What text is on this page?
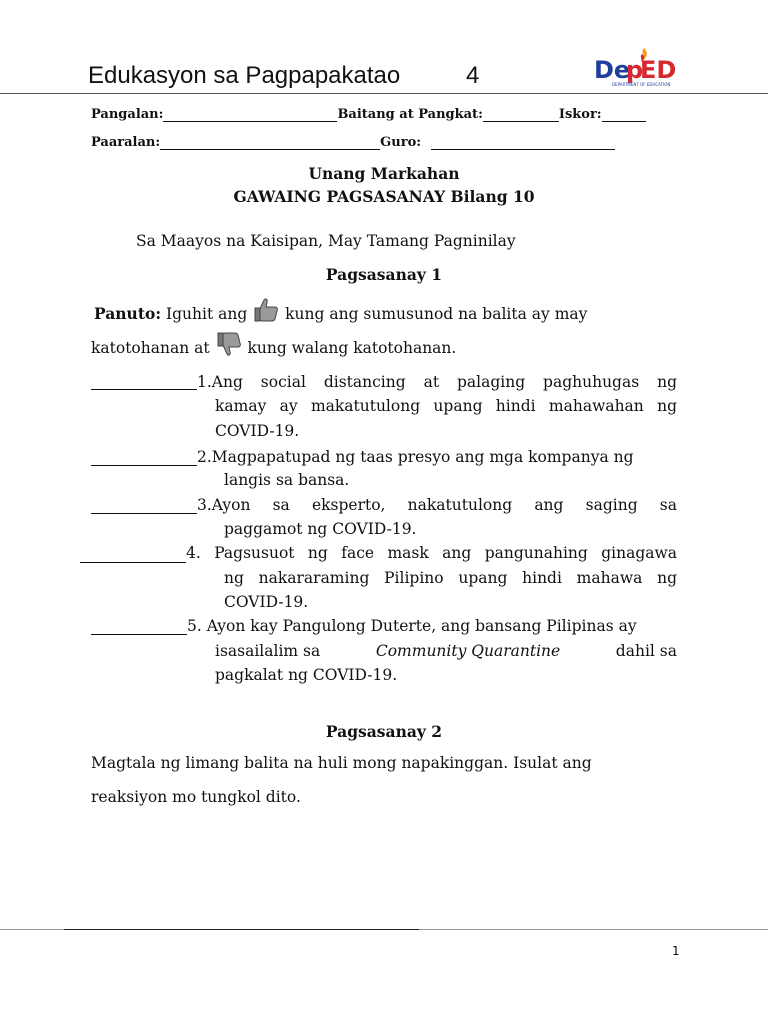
Edukasyon sa Pagpapakatao	4	De
p
ED
DEPARTMENT OF EDUCATION
Pangalan:	Baitang at Pangkat:	Iskor:
Paaralan:	Guro:
Unang Markahan
GAWAING PAGSASANAY Bilang 10
Sa Maayos na Kaisipan, May Tamang Pagninilay
Pagsasanay 1
Panuto: Iguhit ang kung ang sumusunod na balita ay may
katotohanan at kung walang katotohanan.
1.Ang social distancing at palaging paghuhugas ng
kamay ay makatutulong upang hindi mahawahan ng
COVID-19.
2.Magpapatupad ng taas presyo ang mga kompanya ng
langis sa bansa.
3.Ayon sa eksperto, nakatutulong ang saging sa
paggamot ng COVID-19.
4. Pagsusuot ng face mask ang pangunahing ginagawa
ng nakararaming Pilipino upang hindi mahawa ng
COVID-19.
5. Ayon kay Pangulong Duterte, ang bansang Pilipinas ay
isasailalim sa	Community Quarantine	dahil sa
pagkalat ng COVID-19.
Pagsasanay 2
Magtala ng limang balita na huli mong napakinggan. Isulat ang
reaksiyon mo tungkol dito.
1
